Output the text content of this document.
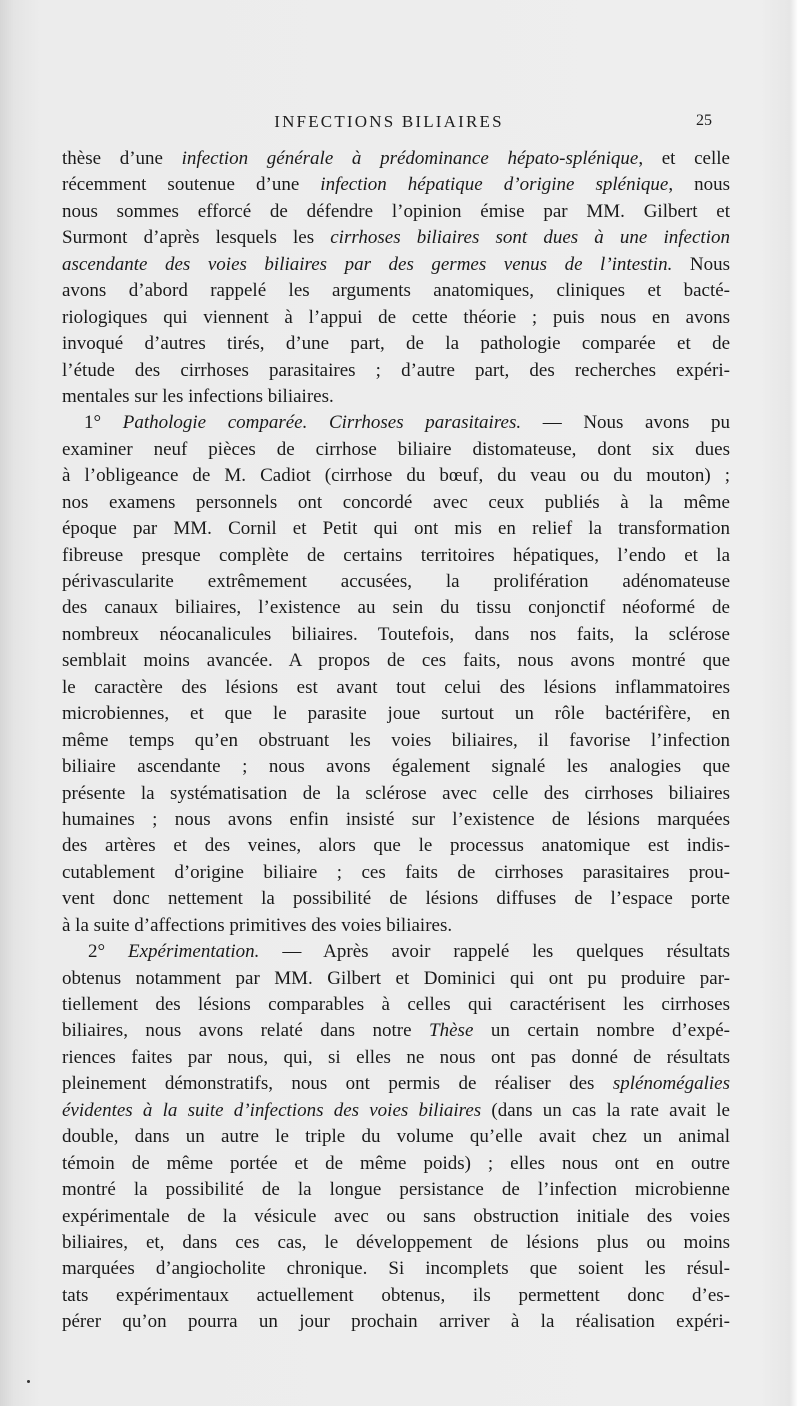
INFECTIONS BILIAIRES	25
thèse d’une infection générale à prédominance hépato-splénique, et celle
récemment soutenue d’une infection hépatique d’origine splénique, nous
nous sommes efforcé de défendre l’opinion émise par MM. Gilbert et
Surmont d’après lesquels les cirrhoses biliaires sont dues à une infection
ascendante des voies biliaires par des germes venus de l’intestin. Nous
avons d’abord rappelé les arguments anatomiques, cliniques et bacté-
riologiques qui viennent à l’appui de cette théorie ; puis nous en avons
invoqué d’autres tirés, d’une part, de la pathologie comparée et de
l’étude des cirrhoses parasitaires ; d’autre part, des recherches expéri-
mentales sur les infections biliaires.
1° Pathologie comparée. Cirrhoses parasitaires. — Nous avons pu
examiner neuf pièces de cirrhose biliaire distomateuse, dont six dues
à l’obligeance de M. Cadiot (cirrhose du bœuf, du veau ou du mouton) ;
nos examens personnels ont concordé avec ceux publiés à la même
époque par MM. Cornil et Petit qui ont mis en relief la transformation
fibreuse presque complète de certains territoires hépatiques, l’endo et la
périvascularite extrêmement accusées, la prolifération adénomateuse
des canaux biliaires, l’existence au sein du tissu conjonctif néoformé de
nombreux néocanalicules biliaires. Toutefois, dans nos faits, la sclérose
semblait moins avancée. A propos de ces faits, nous avons montré que
le caractère des lésions est avant tout celui des lésions inflammatoires
microbiennes, et que le parasite joue surtout un rôle bactérifère, en
même temps qu’en obstruant les voies biliaires, il favorise l’infection
biliaire ascendante ; nous avons également signalé les analogies que
présente la systématisation de la sclérose avec celle des cirrhoses biliaires
humaines ; nous avons enfin insisté sur l’existence de lésions marquées
des artères et des veines, alors que le processus anatomique est indis-
cutablement d’origine biliaire ; ces faits de cirrhoses parasitaires prou-
vent donc nettement la possibilité de lésions diffuses de l’espace porte
à la suite d’affections primitives des voies biliaires.
2° Expérimentation. — Après avoir rappelé les quelques résultats
obtenus notamment par MM. Gilbert et Dominici qui ont pu produire par-
tiellement des lésions comparables à celles qui caractérisent les cirrhoses
biliaires, nous avons relaté dans notre Thèse un certain nombre d’expé-
riences faites par nous, qui, si elles ne nous ont pas donné de résultats
pleinement démonstratifs, nous ont permis de réaliser des splénomégalies
évidentes à la suite d’infections des voies biliaires (dans un cas la rate avait le
double, dans un autre le triple du volume qu’elle avait chez un animal
témoin de même portée et de même poids) ; elles nous ont en outre
montré la possibilité de la longue persistance de l’infection microbienne
expérimentale de la vésicule avec ou sans obstruction initiale des voies
biliaires, et, dans ces cas, le développement de lésions plus ou moins
marquées d’angiocholite chronique. Si incomplets que soient les résul-
tats expérimentaux actuellement obtenus, ils permettent donc d’es-
pérer qu’on pourra un jour prochain arriver à la réalisation expéri-
